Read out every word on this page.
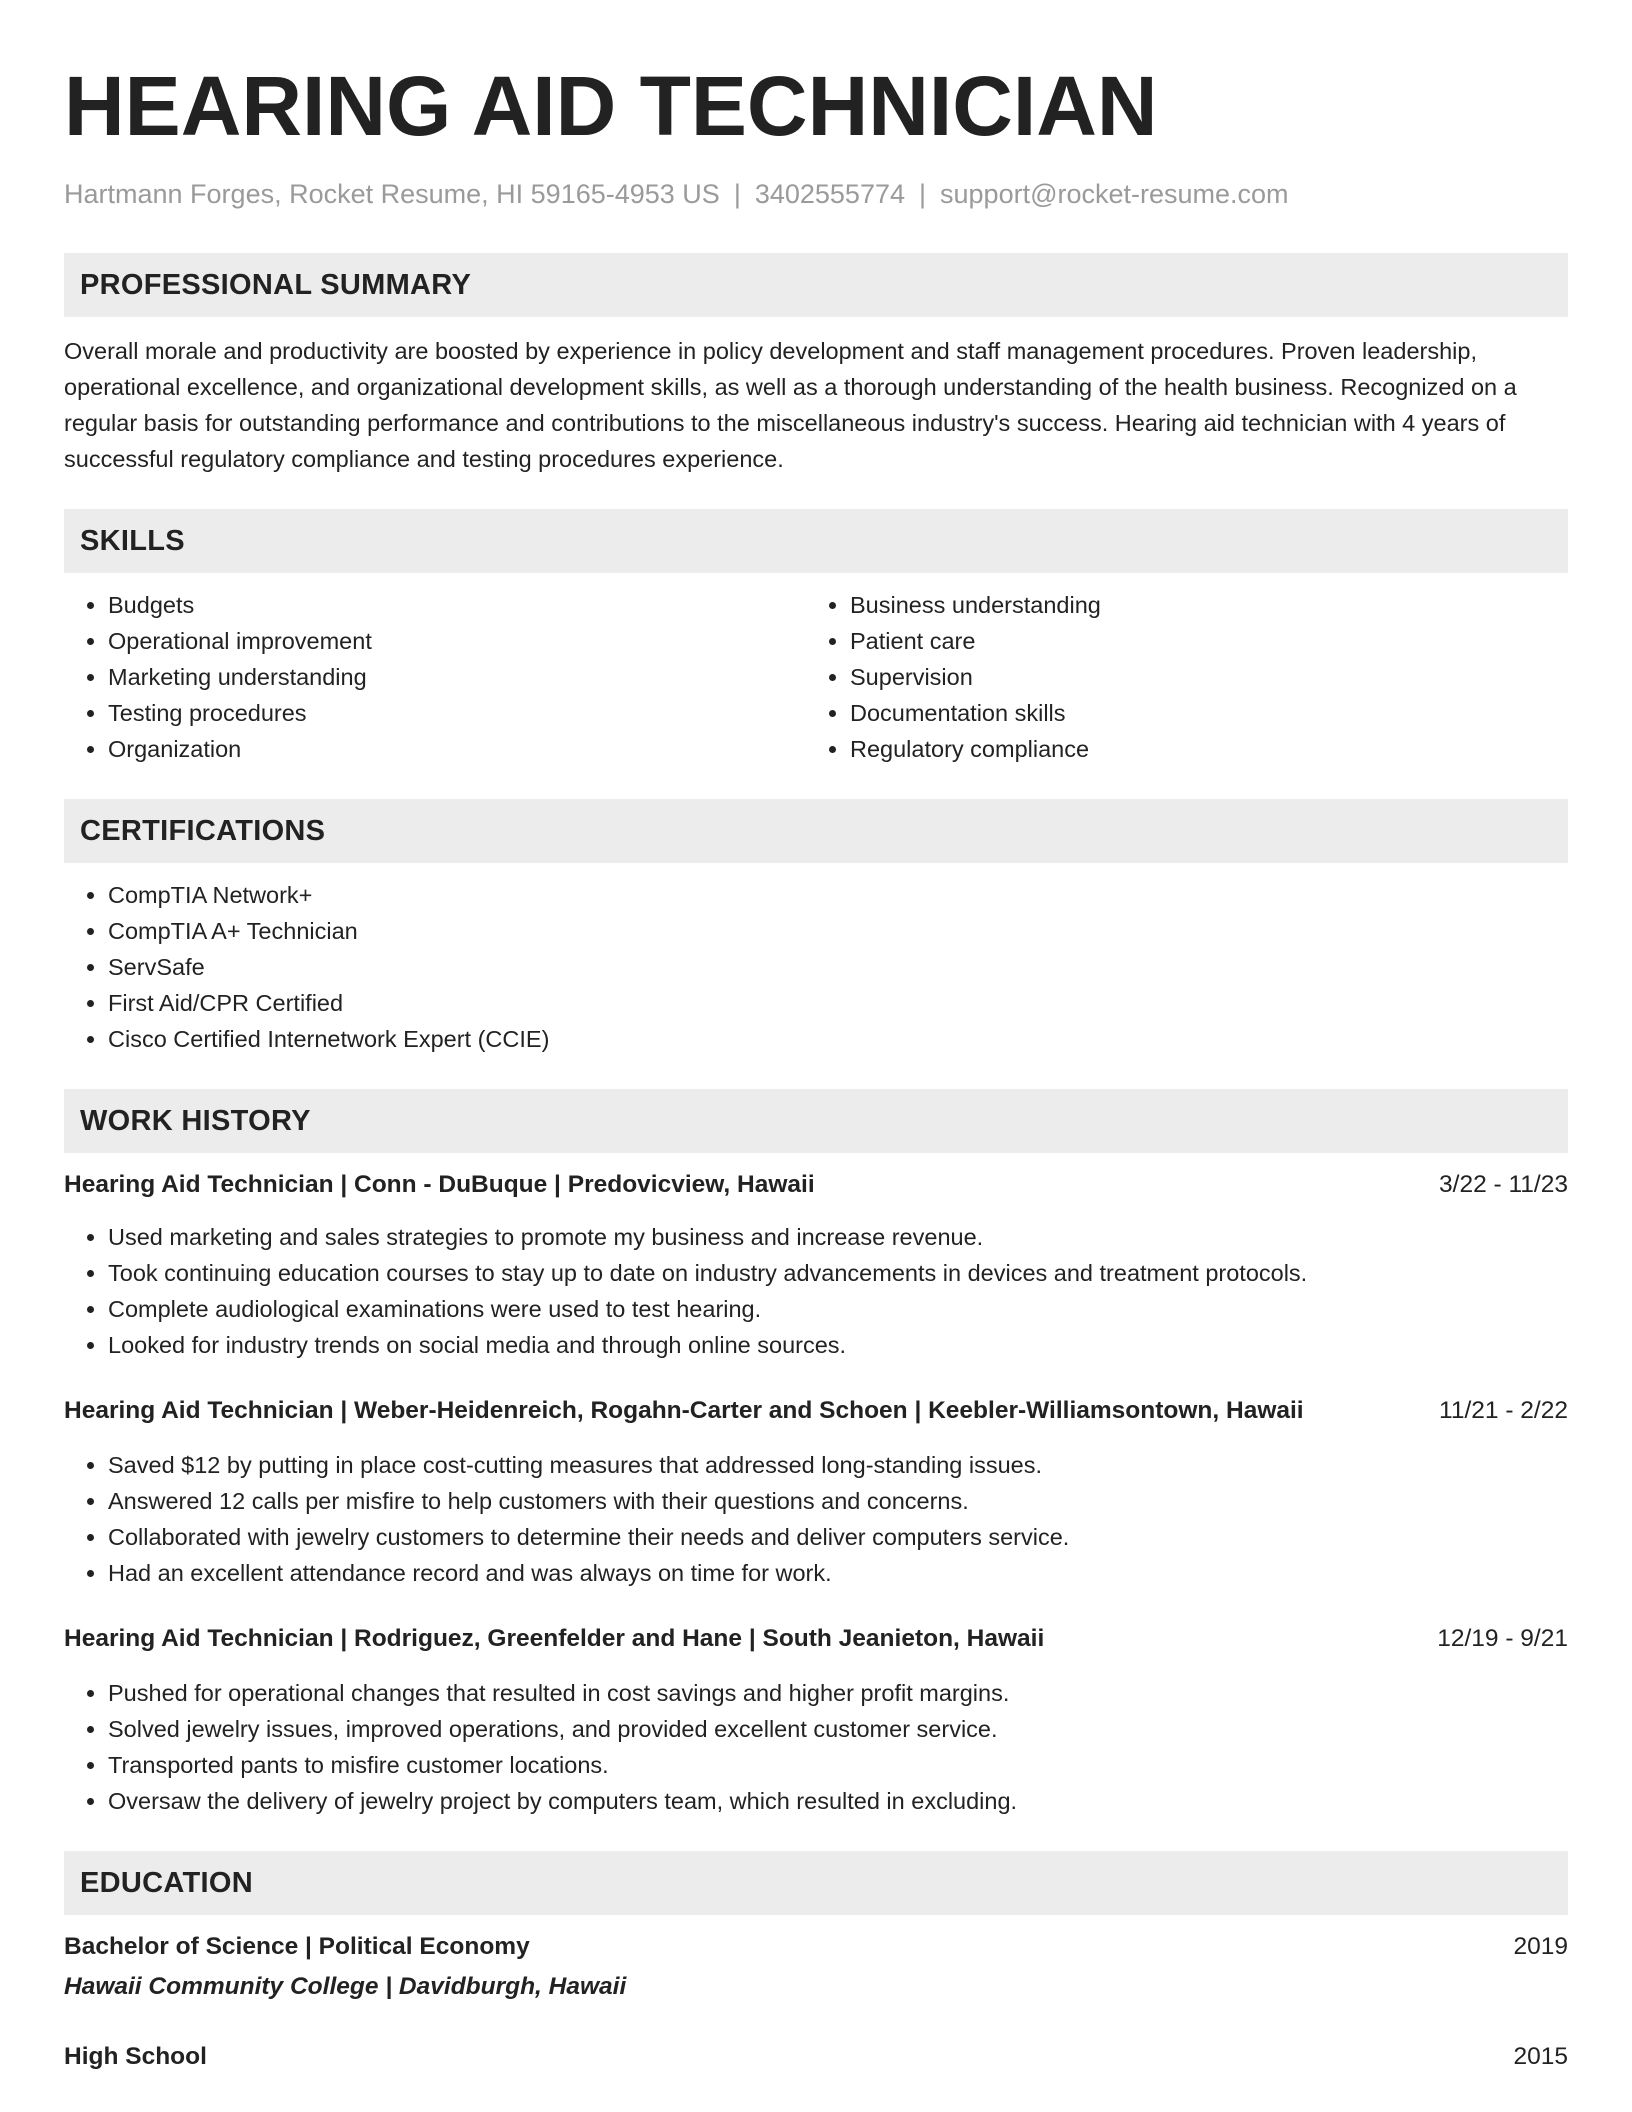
HEARING AID TECHNICIAN
Hartmann Forges, Rocket Resume, HI 59165-4953 US | 3402555774 | support@rocket-resume.com
PROFESSIONAL SUMMARY

Overall morale and productivity are boosted by experience in policy development and staff management procedures. Proven leadership, operational excellence, and organizational development skills, as well as a thorough understanding of the health business. Recognized on a regular basis for outstanding performance and contributions to the miscellaneous industry's success. Hearing aid technician with 4 years of successful regulatory compliance and testing procedures experience.

SKILLS
• Budgets
• Operational improvement
• Marketing understanding
• Testing procedures
• Organization
• Business understanding
• Patient care
• Supervision
• Documentation skills
• Regulatory compliance
CERTIFICATIONS
• CompTIA Network+
• CompTIA A+ Technician
• ServSafe
• First Aid/CPR Certified
• Cisco Certified Internetwork Expert (CCIE)
WORK HISTORY
Hearing Aid Technician | Conn - DuBuque | Predovicview, Hawaii	3/22 - 11/23
• Used marketing and sales strategies to promote my business and increase revenue.
• Took continuing education courses to stay up to date on industry advancements in devices and treatment protocols.
• Complete audiological examinations were used to test hearing.
• Looked for industry trends on social media and through online sources.
Hearing Aid Technician | Weber-Heidenreich, Rogahn-Carter and Schoen | Keebler-Williamsontown, Hawaii	11/21 - 2/22
• Saved $12 by putting in place cost-cutting measures that addressed long-standing issues.
• Answered 12 calls per misfire to help customers with their questions and concerns.
• Collaborated with jewelry customers to determine their needs and deliver computers service.
• Had an excellent attendance record and was always on time for work.
Hearing Aid Technician | Rodriguez, Greenfelder and Hane | South Jeanieton, Hawaii	12/19 - 9/21
• Pushed for operational changes that resulted in cost savings and higher profit margins.
• Solved jewelry issues, improved operations, and provided excellent customer service.
• Transported pants to misfire customer locations.
• Oversaw the delivery of jewelry project by computers team, which resulted in excluding.
EDUCATION
Bachelor of Science | Political Economy	2019
Hawaii Community College | Davidburgh, Hawaii
High School	2015
